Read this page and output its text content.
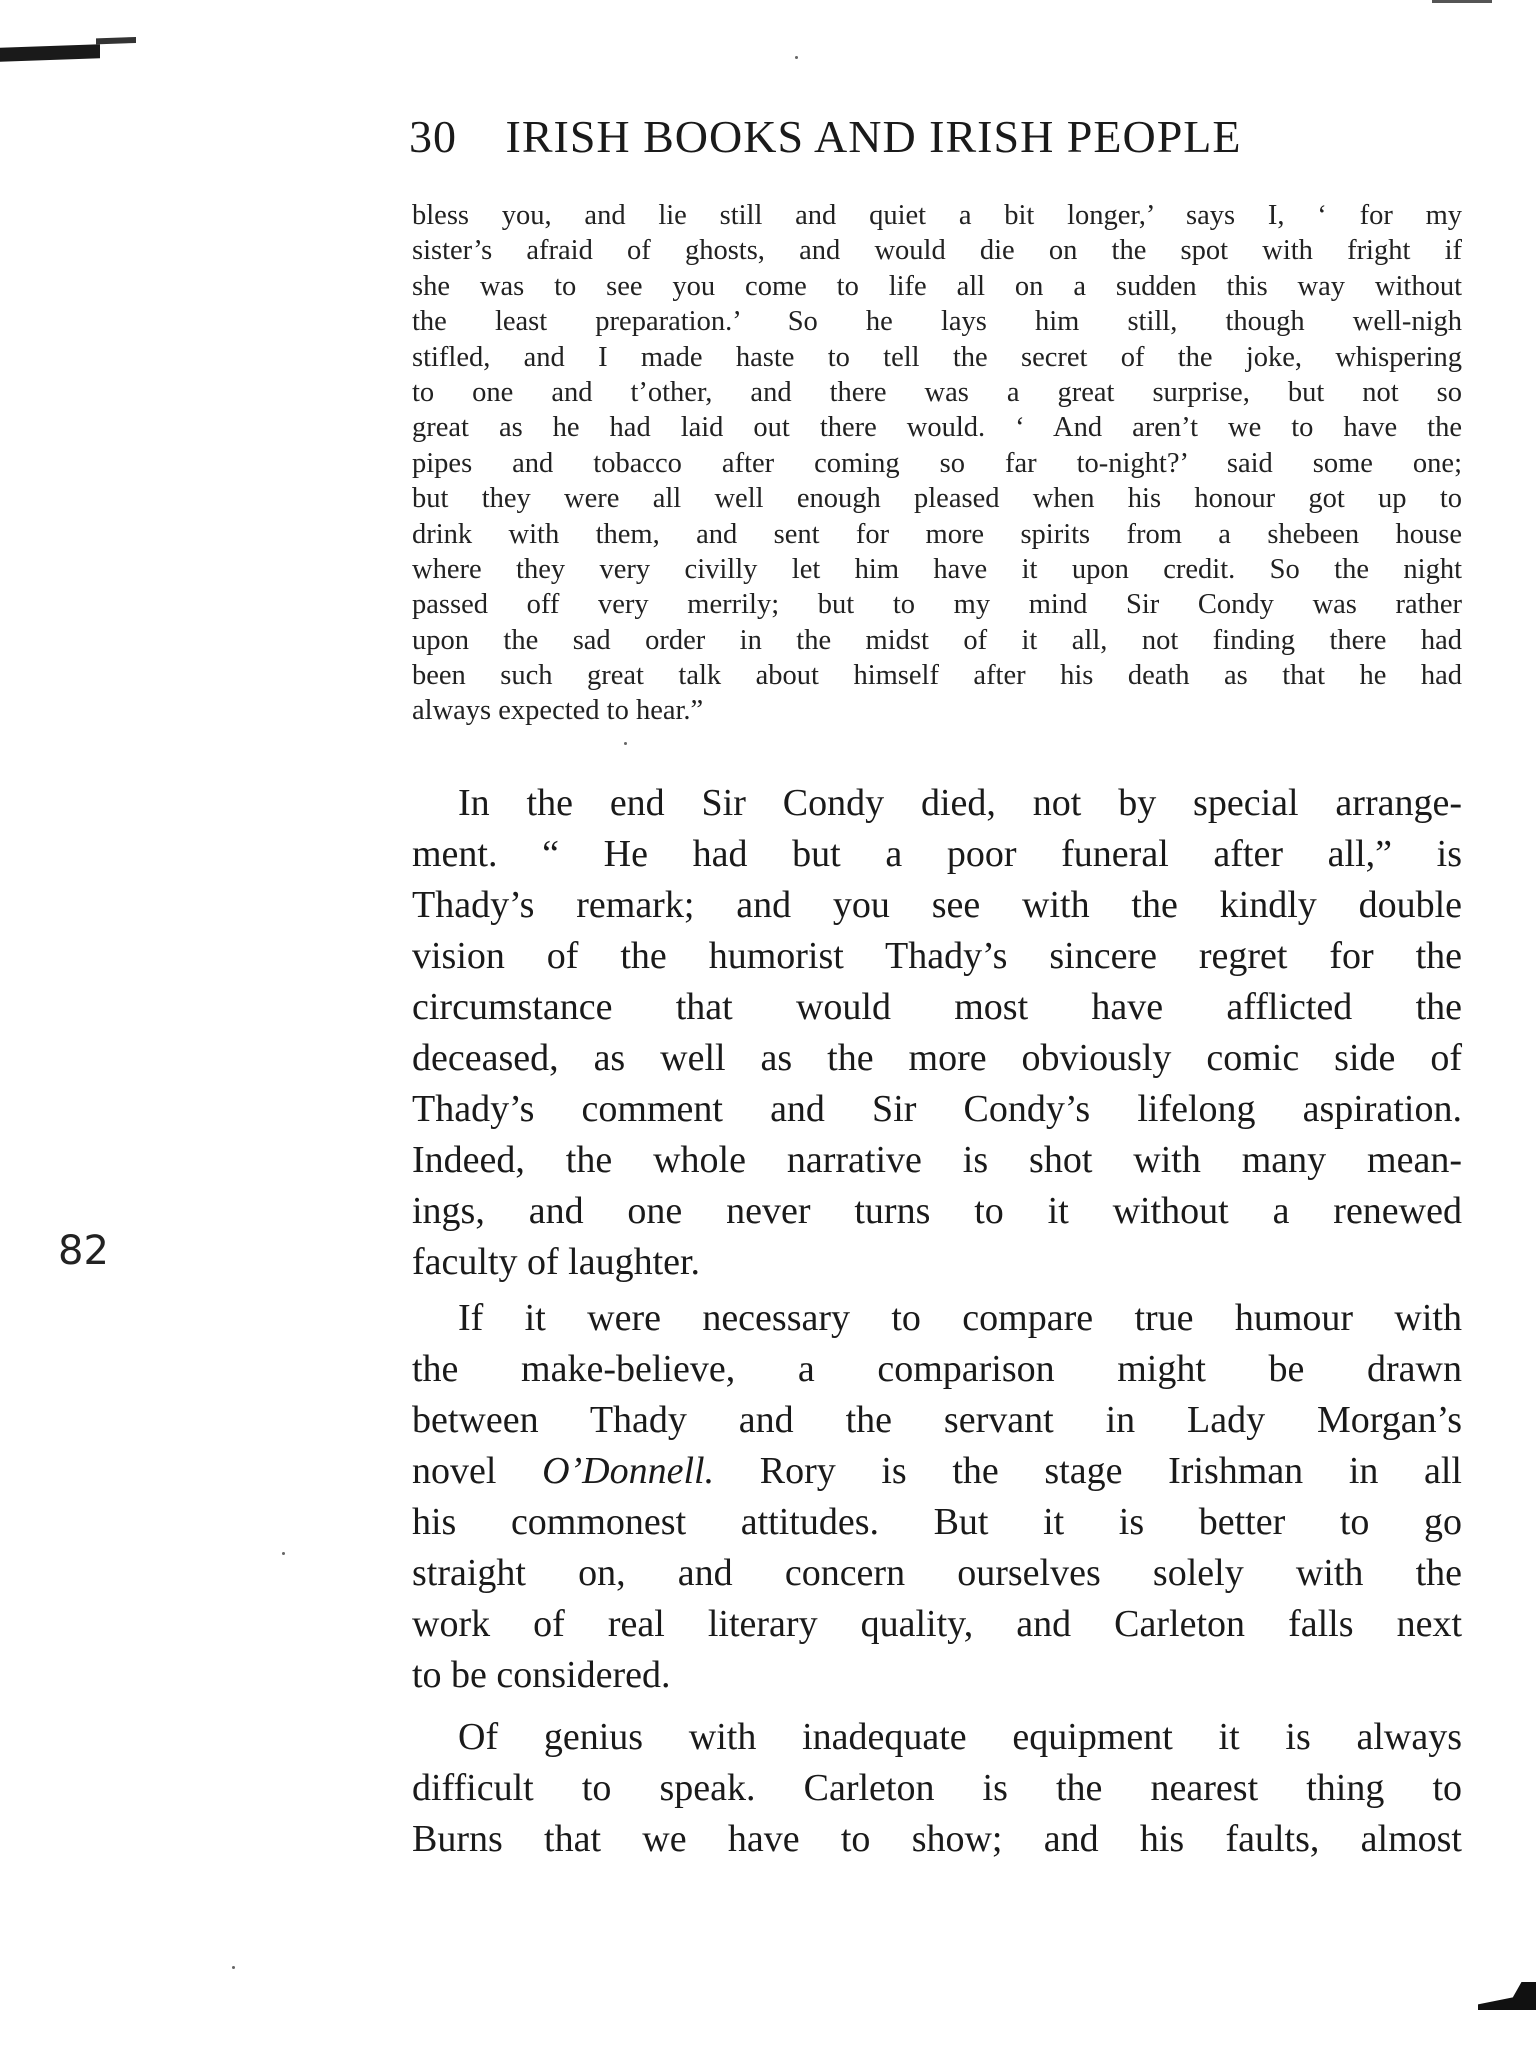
30 IRISH BOOKS AND IRISH PEOPLE
bless you, and lie still and quiet a bit longer,’ says I, ‘ for my
sister’s afraid of ghosts, and would die on the spot with fright if
she was to see you come to life all on a sudden this way without
the least preparation.’ So he lays him still, though well-nigh
stifled, and I made haste to tell the secret of the joke, whispering
to one and t’other, and there was a great surprise, but not so
great as he had laid out there would. ‘ And aren’t we to have the
pipes and tobacco after coming so far to-night?’ said some one;
but they were all well enough pleased when his honour got up to
drink with them, and sent for more spirits from a shebeen house
where they very civilly let him have it upon credit. So the night
passed off very merrily; but to my mind Sir Condy was rather
upon the sad order in the midst of it all, not finding there had
been such great talk about himself after his death as that he had
always expected to hear.”
In the end Sir Condy died, not by special arrange-
ment. “ He had but a poor funeral after all,” is
Thady’s remark; and you see with the kindly double
vision of the humorist Thady’s sincere regret for the
circumstance that would most have afflicted the
deceased, as well as the more obviously comic side of
Thady’s comment and Sir Condy’s lifelong aspiration.
Indeed, the whole narrative is shot with many mean-
ings, and one never turns to it without a renewed
faculty of laughter.
If it were necessary to compare true humour with
the make-believe, a comparison might be drawn
between Thady and the servant in Lady Morgan’s
novel O’Donnell. Rory is the stage Irishman in all
his commonest attitudes. But it is better to go
straight on, and concern ourselves solely with the
work of real literary quality, and Carleton falls next
to be considered.
Of genius with inadequate equipment it is always
difficult to speak. Carleton is the nearest thing to
Burns that we have to show; and his faults, almost
82
